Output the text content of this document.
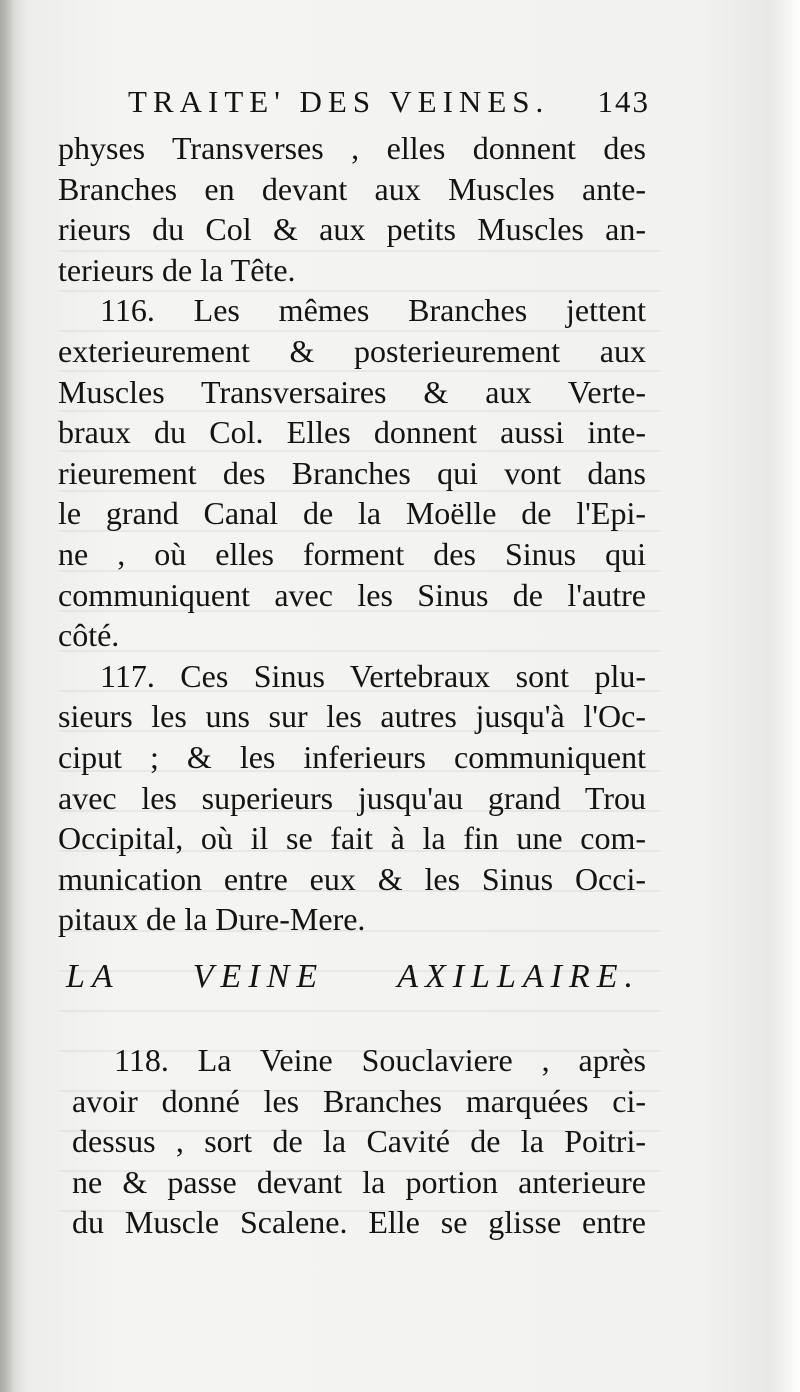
TRAITE' DES VEINES. 143
physes Transverses , elles donnent des
Branches en devant aux Muscles ante-
rieurs du Col & aux petits Muscles an-
terieurs de la Tête.
116. Les mêmes Branches jettent
exterieurement & posterieurement aux
Muscles Transversaires & aux Verte-
braux du Col. Elles donnent aussi inte-
rieurement des Branches qui vont dans
le grand Canal de la Moëlle de l'Epi-
ne , où elles forment des Sinus qui
communiquent avec les Sinus de l'autre
côté.
117. Ces Sinus Vertebraux sont plu-
sieurs les uns sur les autres jusqu'à l'Oc-
ciput ; & les inferieurs communiquent
avec les superieurs jusqu'au grand Trou
Occipital, où il se fait à la fin une com-
munication entre eux & les Sinus Occi-
pitaux de la Dure-Mere.
LA VEINE AXILLAIRE.
118. La Veine Souclaviere , après
avoir donné les Branches marquées ci-
dessus , sort de la Cavité de la Poitri-
ne & passe devant la portion anterieure
du Muscle Scalene. Elle se glisse entre
